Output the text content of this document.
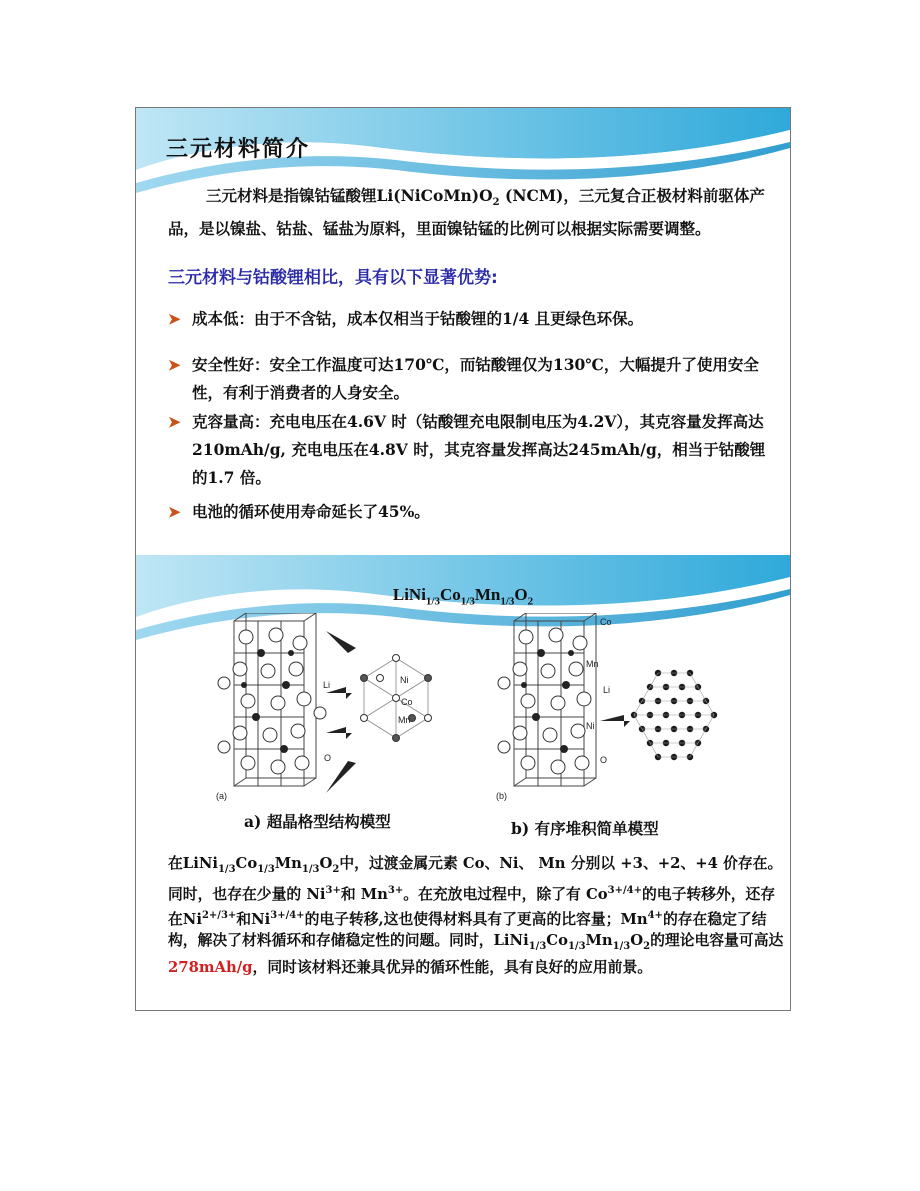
三元材料简介
三元材料是指镍钴锰酸锂$Li(NiCoMn)O_2$ (NCM)，三元复合正极材料前驱体产品，是以镍盐、钴盐、锰盐为原料，里面镍钴锰的比例可以根据实际需要调整。
三元材料与钴酸锂相比，具有以下显著优势:
➤ 成本低：由于不含钴，成本仅相当于钴酸锂的1/4 且更绿色环保。
➤ 安全性好：安全工作温度可达170℃，而钴酸锂仅为130℃，大幅提升了使用安全性，有利于消费者的人身安全。
➤ 克容量高：充电电压在4.6V 时（钴酸锂充电限制电压为4.2V），其克容量发挥高达210mAh/g, 充电电压在4.8V 时，其克容量发挥高达245mAh/g，相当于钴酸锂的1.7 倍。
➤ 电池的循环使用寿命延长了45%。
$LiNi_{1/3}Co_{1/3}Mn_{1/3}O_2$
Ni
Li
Co
Mn
O
(a)
Co
Mn
Li
Ni
O
(b)
a) 超晶格型结构模型	b) 有序堆积简单模型
在$LiNi_{1/3}Co_{1/3}Mn_{1/3}O_2$中，过渡金属元素 Co、Ni、 Mn 分别以 +3、+2、+4 价存在。同时，也存在少量的 $Ni^{3+}$和 $Mn^{3+}$。在充放电过程中，除了有 $Co^{3+/4+}$的电子转移外，还存在$Ni^{2+/3+}$和$Ni^{3+/4+}$的电子转移,这也使得材料具有了更高的比容量；$Mn^{4+}$的存在稳定了结构，解决了材料循环和存储稳定性的问题。同时，$LiNi_{1/3}Co_{1/3}Mn_{1/3}O_2$的理论电容量可高达278mAh/g，同时该材料还兼具优异的循环性能，具有良好的应用前景。
